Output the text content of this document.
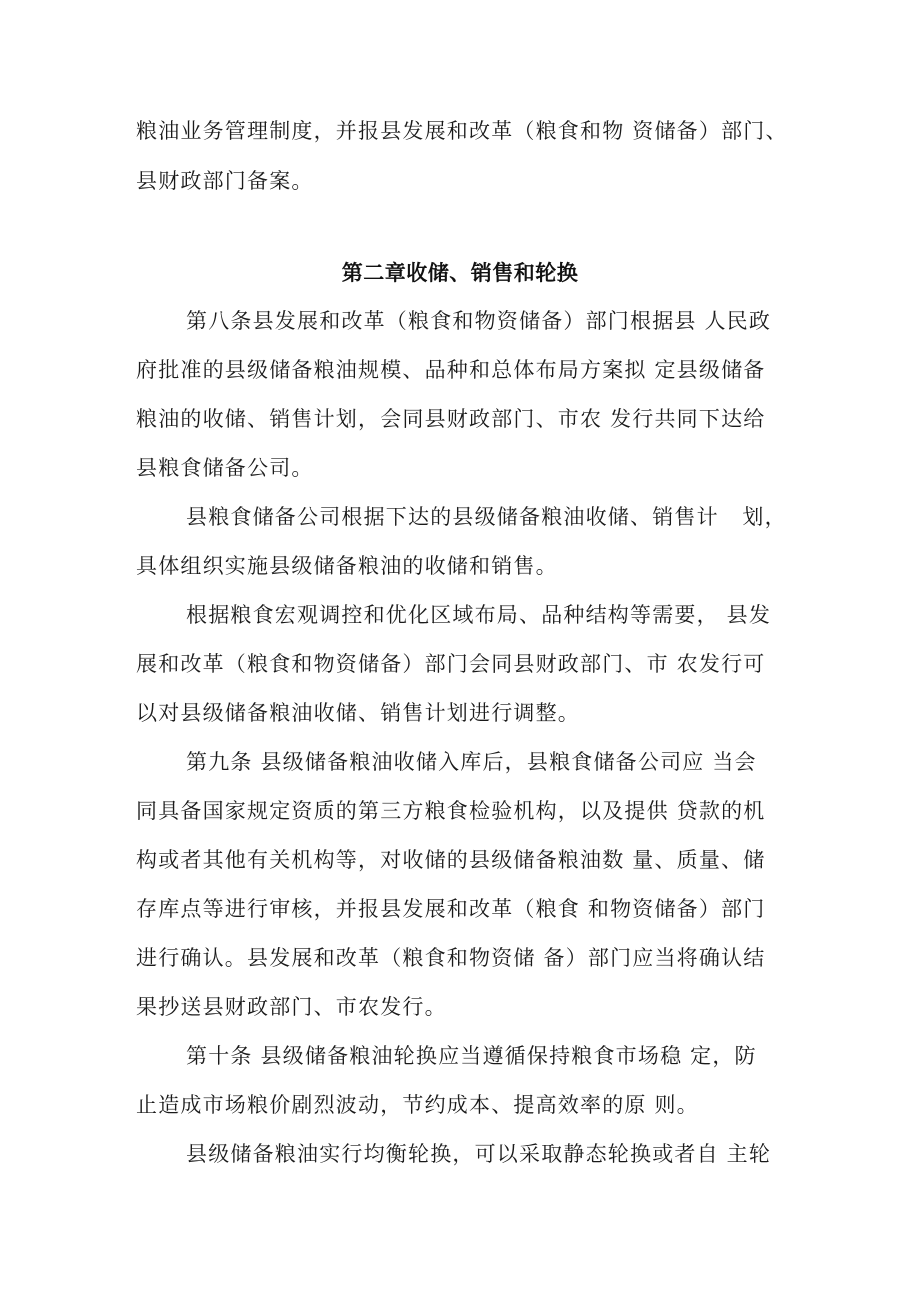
粮油业务管理制度，并报县发展和改革（粮食和物 资储备）部门、
县财政部门备案。
第二章收储、销售和轮换
第八条县发展和改革（粮食和物资储备）部门根据县 人民政
府批准的县级储备粮油规模、品种和总体布局方案拟 定县级储备
粮油的收储、销售计划，会同县财政部门、市农 发行共同下达给
县粮食储备公司。
县粮食储备公司根据下达的县级储备粮油收储、销售计   划，
具体组织实施县级储备粮油的收储和销售。
根据粮食宏观调控和优化区域布局、品种结构等需要， 县发
展和改革（粮食和物资储备）部门会同县财政部门、市 农发行可
以对县级储备粮油收储、销售计划进行调整。
第九条 县级储备粮油收储入库后，县粮食储备公司应 当会
同具备国家规定资质的第三方粮食检验机构，以及提供 贷款的机
构或者其他有关机构等，对收储的县级储备粮油数 量、质量、储
存库点等进行审核，并报县发展和改革（粮食 和物资储备）部门
进行确认。县发展和改革（粮食和物资储 备）部门应当将确认结
果抄送县财政部门、市农发行。
第十条 县级储备粮油轮换应当遵循保持粮食市场稳 定，防
止造成市场粮价剧烈波动，节约成本、提高效率的原 则。
县级储备粮油实行均衡轮换，可以采取静态轮换或者自 主轮
